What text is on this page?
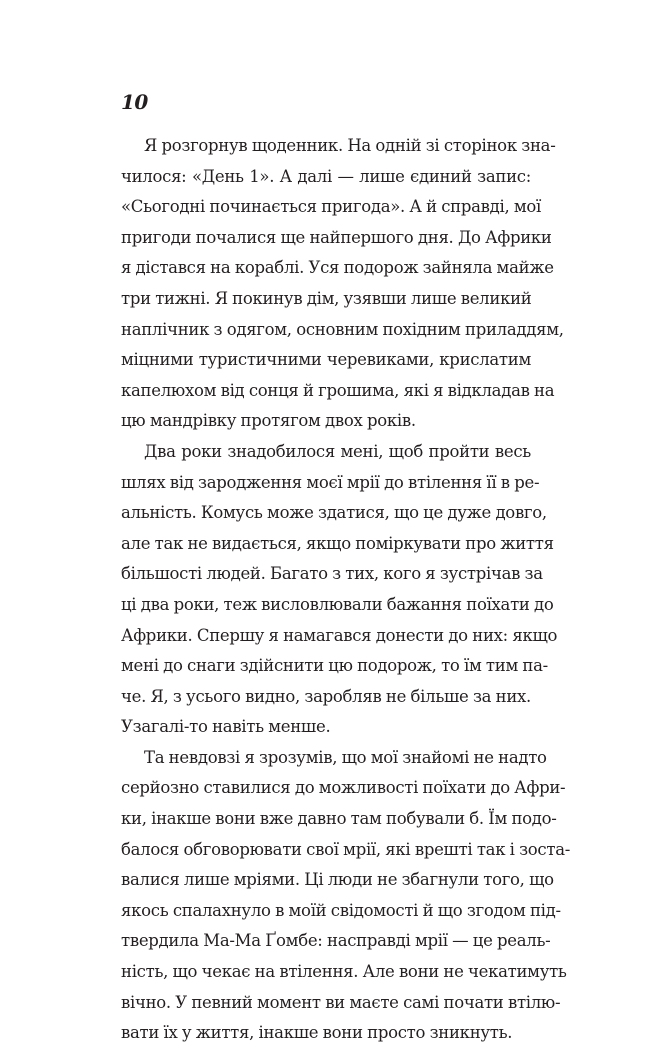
10

Я розгорнув щоденник. На одній зі сторінок зна-
чилося: «День 1». А далі — лише єдиний запис:
«Сьогодні починається пригода». А й справді, мої
пригоди почалися ще найпершого дня. До Африки
я дістався на кораблі. Уся подорож зайняла майже
три тижні. Я покинув дім, узявши лише великий
наплічник з одягом, основним похідним приладдям,
міцними туристичними черевиками, крислатим
капелюхом від сонця й грошима, які я відкладав на
цю мандрівку протягом двох років.

Два роки знадобилося мені, щоб пройти весь
шлях від зародження моєї мрії до втілення її в ре-
альність. Комусь може здатися, що це дуже довго,
але так не видається, якщо поміркувати про життя
більшості людей. Багато з тих, кого я зустрічав за
ці два роки, теж висловлювали бажання поїхати до
Африки. Спершу я намагався донести до них: якщо
мені до снаги здійснити цю подорож, то їм тим па-
че. Я, з усього видно, заробляв не більше за них.
Узагалі-то навіть менше.

Та невдовзі я зрозумів, що мої знайомі не надто
серйозно ставилися до можливості поїхати до Афри-
ки, інакше вони вже давно там побували б. Їм подо-
балося обговорювати свої мрії, які врешті так і зоста-
валися лише мріями. Ці люди не збагнули того, що
якось спалахнуло в моїй свідомості й що згодом під-
твердила Ма-Ма Ґомбе: насправді мрії — це реаль-
ність, що чекає на втілення. Але вони не чекатимуть
вічно. У певний момент ви маєте самі почати втілю-
вати їх у життя, інакше вони просто зникнуть.
